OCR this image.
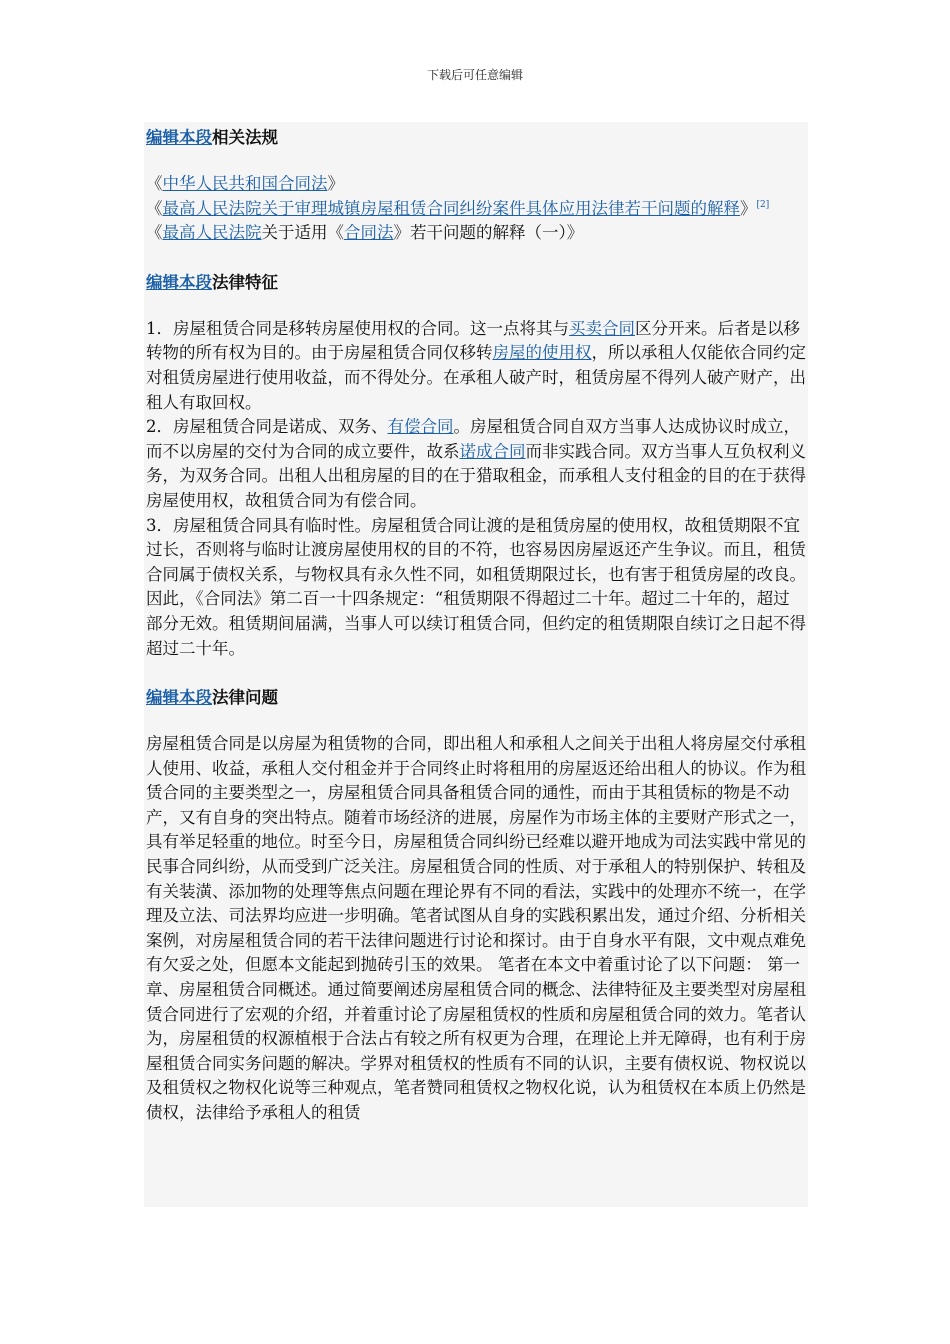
下载后可任意编辑
编辑本段相关法规

《中华人民共和国合同法》

《最高人民法院关于审理城镇房屋租赁合同纠纷案件具体应用法律若干问题的解释》[2]

《最高人民法院关于适用《合同法》若干问题的解释（一）》

编辑本段法律特征

1．房屋租赁合同是移转房屋使用权的合同。这一点将其与买卖合同区分开来。后者是以移转物的所有权为目的。由于房屋租赁合同仅移转房屋的使用权，所以承租人仅能依合同约定对租赁房屋进行使用收益，而不得处分。在承租人破产时，租赁房屋不得列人破产财产，出租人有取回权。

2．房屋租赁合同是诺成、双务、有偿合同。房屋租赁合同自双方当事人达成协议时成立，而不以房屋的交付为合同的成立要件，故系诺成合同而非实践合同。双方当事人互负权利义务，为双务合同。出租人出租房屋的目的在于猎取租金，而承租人支付租金的目的在于获得房屋使用权，故租赁合同为有偿合同。

3．房屋租赁合同具有临时性。房屋租赁合同让渡的是租赁房屋的使用权，故租赁期限不宜过长，否则将与临时让渡房屋使用权的目的不符，也容易因房屋返还产生争议。而且，租赁合同属于债权关系，与物权具有永久性不同，如租赁期限过长，也有害于租赁房屋的改良。因此，《合同法》第二百一十四条规定：“租赁期限不得超过二十年。超过二十年的，超过部分无效。租赁期间届满，当事人可以续订租赁合同，但约定的租赁期限自续订之日起不得超过二十年。

编辑本段法律问题

房屋租赁合同是以房屋为租赁物的合同，即出租人和承租人之间关于出租人将房屋交付承租人使用、收益，承租人交付租金并于合同终止时将租用的房屋返还给出租人的协议。作为租赁合同的主要类型之一，房屋租赁合同具备租赁合同的通性，而由于其租赁标的物是不动产，又有自身的突出特点。随着市场经济的进展，房屋作为市场主体的主要财产形式之一，具有举足轻重的地位。时至今日，房屋租赁合同纠纷已经难以避开地成为司法实践中常见的民事合同纠纷，从而受到广泛关注。房屋租赁合同的性质、对于承租人的特别保护、转租及有关装潢、添加物的处理等焦点问题在理论界有不同的看法，实践中的处理亦不统一，在学理及立法、司法界均应进一步明确。笔者试图从自身的实践积累出发，通过介绍、分析相关案例，对房屋租赁合同的若干法律问题进行讨论和探讨。由于自身水平有限，文中观点难免有欠妥之处，但愿本文能起到抛砖引玉的效果。 笔者在本文中着重讨论了以下问题： 第一章、房屋租赁合同概述。通过简要阐述房屋租赁合同的概念、法律特征及主要类型对房屋租赁合同进行了宏观的介绍，并着重讨论了房屋租赁权的性质和房屋租赁合同的效力。笔者认为，房屋租赁的权源植根于合法占有较之所有权更为合理，在理论上并无障碍，也有利于房屋租赁合同实务问题的解决。学界对租赁权的性质有不同的认识，主要有债权说、物权说以及租赁权之物权化说等三种观点，笔者赞同租赁权之物权化说，认为租赁权在本质上仍然是债权，法律给予承租人的租赁
